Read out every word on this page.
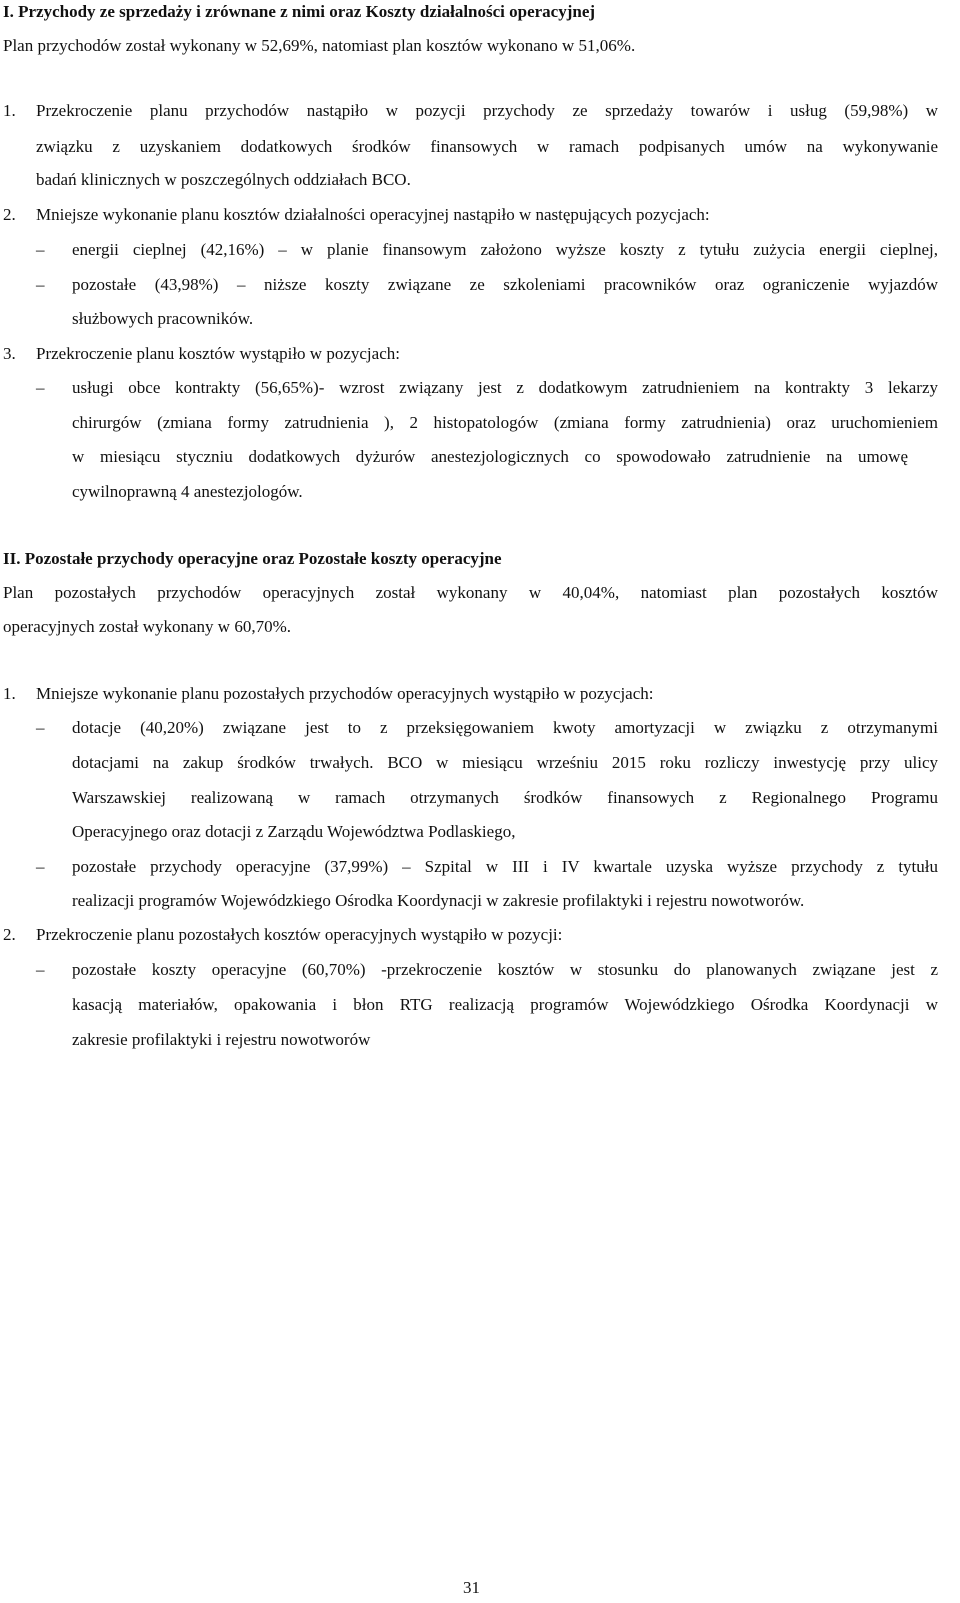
I. Przychody ze sprzedaży i zrównane z nimi oraz Koszty działalności operacyjnej
Plan przychodów został wykonany w 52,69%, natomiast plan kosztów wykonano w 51,06%.
1. Przekroczenie planu przychodów nastąpiło w pozycji przychody ze sprzedaży towarów i usług (59,98%) w
związku z uzyskaniem dodatkowych środków finansowych w ramach podpisanych umów na wykonywanie
badań klinicznych w poszczególnych oddziałach BCO.
2. Mniejsze wykonanie planu kosztów działalności operacyjnej nastąpiło w następujących pozycjach:
– energii cieplnej (42,16%) – w planie finansowym założono wyższe koszty z tytułu zużycia energii cieplnej,
– pozostałe (43,98%) – niższe koszty związane ze szkoleniami pracowników oraz ograniczenie wyjazdów
służbowych pracowników.
3. Przekroczenie planu kosztów wystąpiło w pozycjach:
– usługi obce kontrakty (56,65%)- wzrost związany jest z dodatkowym zatrudnieniem na kontrakty 3 lekarzy
chirurgów (zmiana formy zatrudnienia ), 2 histopatologów (zmiana formy zatrudnienia) oraz uruchomieniem
w miesiącu styczniu dodatkowych dyżurów anestezjologicznych co spowodowało zatrudnienie na umowę
cywilnoprawną 4 anestezjologów.
II. Pozostałe przychody operacyjne oraz Pozostałe koszty operacyjne
Plan pozostałych przychodów operacyjnych został wykonany w 40,04%, natomiast plan pozostałych kosztów
operacyjnych został wykonany w 60,70%.
1. Mniejsze wykonanie planu pozostałych przychodów operacyjnych wystąpiło w pozycjach:
– dotacje (40,20%) związane jest to z przeksięgowaniem kwoty amortyzacji w związku z otrzymanymi
dotacjami na zakup środków trwałych. BCO w miesiącu wrześniu 2015 roku rozliczy inwestycję przy ulicy
Warszawskiej realizowaną w ramach otrzymanych środków finansowych z Regionalnego Programu
Operacyjnego oraz dotacji z Zarządu Województwa Podlaskiego,
– pozostałe przychody operacyjne (37,99%) – Szpital w III i IV kwartale uzyska wyższe przychody z tytułu
realizacji programów Wojewódzkiego Ośrodka Koordynacji w zakresie profilaktyki i rejestru nowotworów.
2. Przekroczenie planu pozostałych kosztów operacyjnych wystąpiło w pozycji:
– pozostałe koszty operacyjne (60,70%) -przekroczenie kosztów w stosunku do planowanych związane jest z
kasacją materiałów, opakowania i błon RTG realizacją programów Wojewódzkiego Ośrodka Koordynacji w
zakresie profilaktyki i rejestru nowotworów
31
